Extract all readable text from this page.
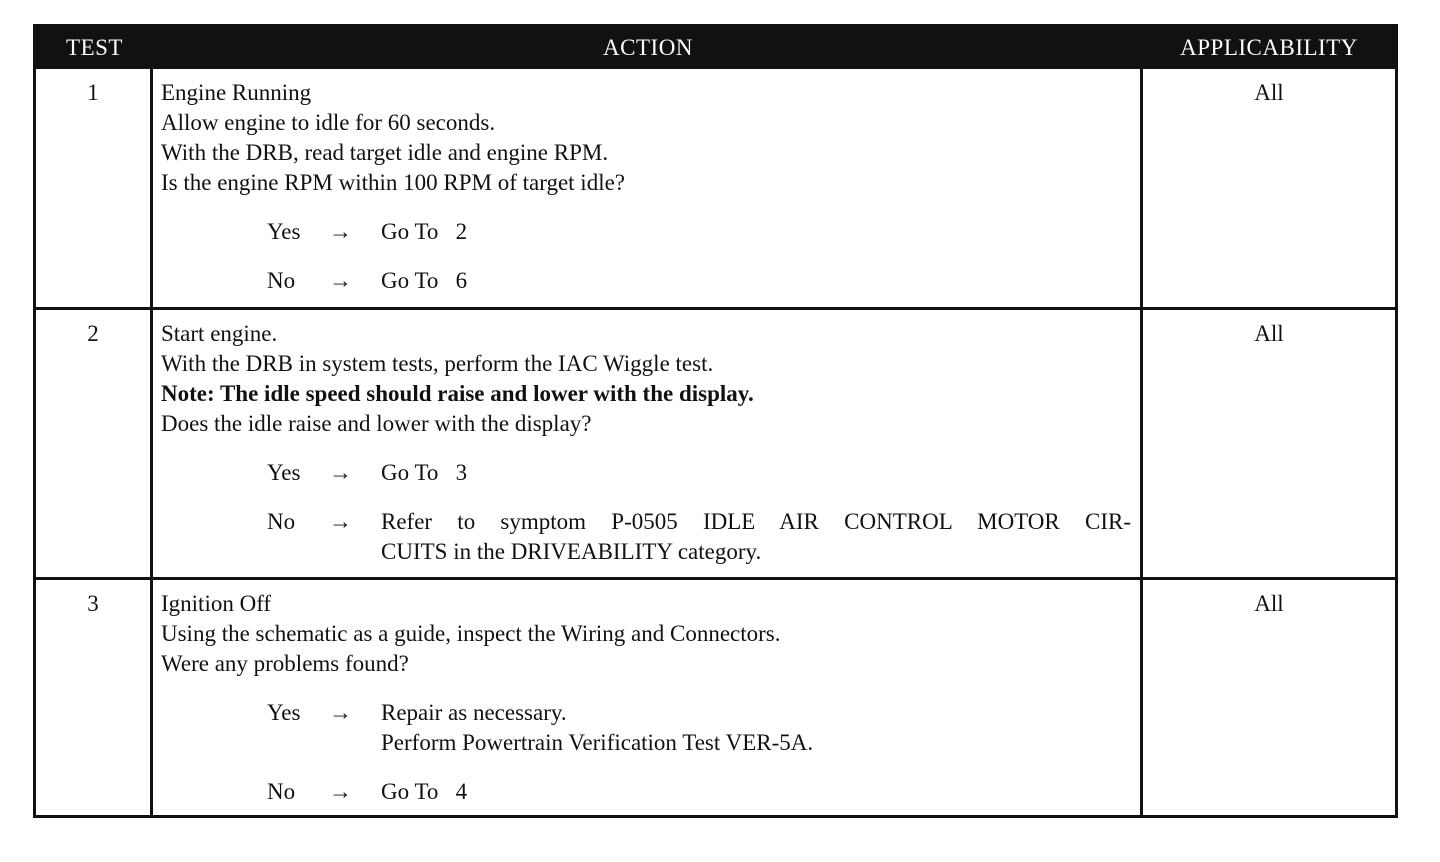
TEST	ACTION	APPLICABILITY
1	Engine Running
Allow engine to idle for 60 seconds.
With the DRB, read target idle and engine RPM.
Is the engine RPM within 100 RPM of target idle?
Yes	→	Go To   2
No	→	Go To   6
All
2	Start engine.
With the DRB in system tests, perform the IAC Wiggle test.
Note: The idle speed should raise and lower with the display.
Does the idle raise and lower with the display?
Yes	→	Go To   3
No	→	Refer to symptom P-0505 IDLE AIR CONTROL MOTOR CIR-
CUITS in the DRIVEABILITY category.
All
3	Ignition Off
Using the schematic as a guide, inspect the Wiring and Connectors.
Were any problems found?
Yes	→	Repair as necessary.
Perform Powertrain Verification Test VER-5A.
No	→	Go To   4
All
